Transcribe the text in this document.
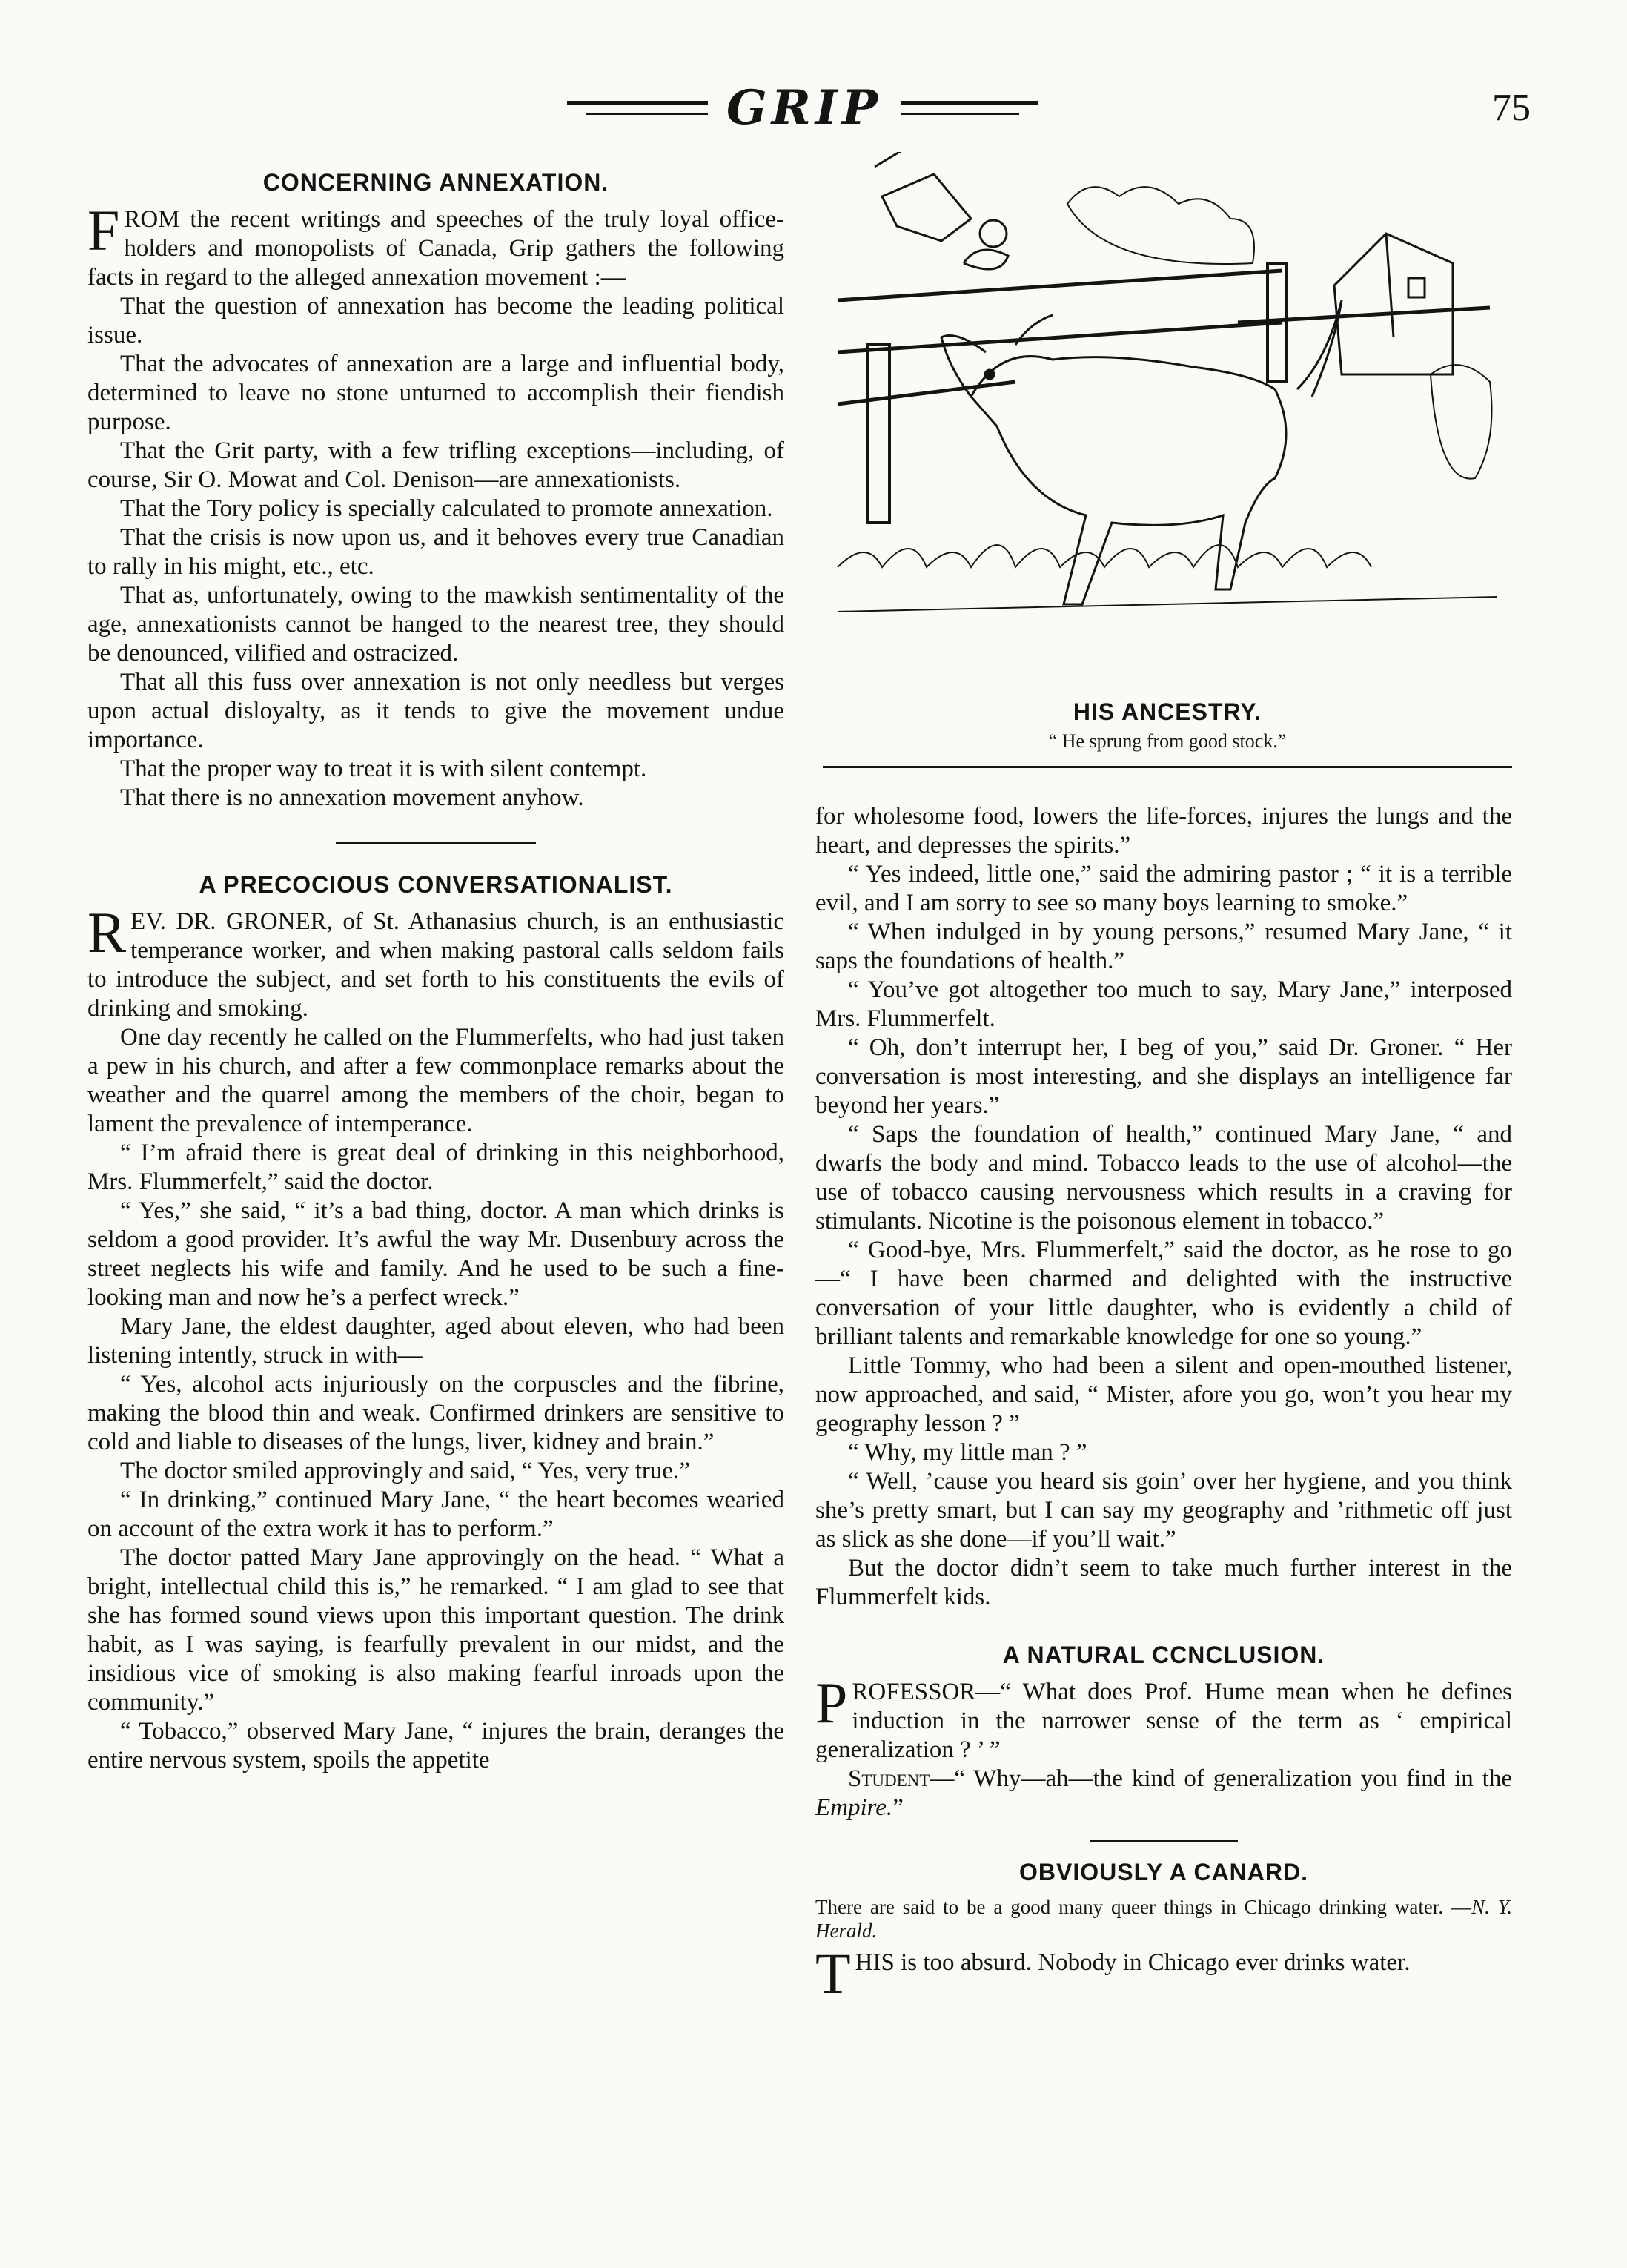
GRIP	75
CONCERNING ANNEXATION.

FROM the recent writings and speeches of the truly loyal office-holders and monopolists of Canada, Grip gathers the following facts in regard to the alleged annexation movement :—

That the question of annexation has become the leading political issue.

That the advocates of annexation are a large and influential body, determined to leave no stone unturned to accomplish their fiendish purpose.

That the Grit party, with a few trifling exceptions—including, of course, Sir O. Mowat and Col. Denison—are annexationists.

That the Tory policy is specially calculated to promote annexation.

That the crisis is now upon us, and it behoves every true Canadian to rally in his might, etc., etc.

That as, unfortunately, owing to the mawkish sentimentality of the age, annexationists cannot be hanged to the nearest tree, they should be denounced, vilified and ostracized.

That all this fuss over annexation is not only needless but verges upon actual disloyalty, as it tends to give the movement undue importance.

That the proper way to treat it is with silent contempt.

That there is no annexation movement anyhow.

A PRECOCIOUS CONVERSATIONALIST.

REV. DR. GRONER, of St. Athanasius church, is an enthusiastic temperance worker, and when making pastoral calls seldom fails to introduce the subject, and set forth to his constituents the evils of drinking and smoking.

One day recently he called on the Flummerfelts, who had just taken a pew in his church, and after a few commonplace remarks about the weather and the quarrel among the members of the choir, began to lament the prevalence of intemperance.

“ I’m afraid there is great deal of drinking in this neighborhood, Mrs. Flummerfelt,” said the doctor.

“ Yes,” she said, “ it’s a bad thing, doctor. A man which drinks is seldom a good provider. It’s awful the way Mr. Dusenbury across the street neglects his wife and family. And he used to be such a fine-looking man and now he’s a perfect wreck.”

Mary Jane, the eldest daughter, aged about eleven, who had been listening intently, struck in with—

“ Yes, alcohol acts injuriously on the corpuscles and the fibrine, making the blood thin and weak. Confirmed drinkers are sensitive to cold and liable to diseases of the lungs, liver, kidney and brain.”

The doctor smiled approvingly and said, “ Yes, very true.”

“ In drinking,” continued Mary Jane, “ the heart becomes wearied on account of the extra work it has to perform.”

The doctor patted Mary Jane approvingly on the head. “ What a bright, intellectual child this is,” he remarked. “ I am glad to see that she has formed sound views upon this important question. The drink habit, as I was saying, is fearfully prevalent in our midst, and the insidious vice of smoking is also making fearful inroads upon the community.”

“ Tobacco,” observed Mary Jane, “ injures the brain, deranges the entire nervous system, spoils the appetite

HIS ANCESTRY.
“ He sprung from good stock.”

for wholesome food, lowers the life-forces, injures the lungs and the heart, and depresses the spirits.”

“ Yes indeed, little one,” said the admiring pastor ; “ it is a terrible evil, and I am sorry to see so many boys learning to smoke.”

“ When indulged in by young persons,” resumed Mary Jane, “ it saps the foundations of health.”

“ You’ve got altogether too much to say, Mary Jane,” interposed Mrs. Flummerfelt.

“ Oh, don’t interrupt her, I beg of you,” said Dr. Groner. “ Her conversation is most interesting, and she displays an intelligence far beyond her years.”

“ Saps the foundation of health,” continued Mary Jane, “ and dwarfs the body and mind. Tobacco leads to the use of alcohol—the use of tobacco causing nervousness which results in a craving for stimulants. Nicotine is the poisonous element in tobacco.”

“ Good-bye, Mrs. Flummerfelt,” said the doctor, as he rose to go—“ I have been charmed and delighted with the instructive conversation of your little daughter, who is evidently a child of brilliant talents and remarkable knowledge for one so young.”

Little Tommy, who had been a silent and open-mouthed listener, now approached, and said, “ Mister, afore you go, won’t you hear my geography lesson ? ”

“ Why, my little man ? ”

“ Well, ’cause you heard sis goin’ over her hygiene, and you think she’s pretty smart, but I can say my geography and ’rithmetic off just as slick as she done—if you’ll wait.”

But the doctor didn’t seem to take much further interest in the Flummerfelt kids.

A NATURAL CCNCLUSION.

PROFESSOR—“ What does Prof. Hume mean when he defines induction in the narrower sense of the term as ‘ empirical generalization ? ’ ”

Student—“ Why—ah—the kind of generalization you find in the Empire.”

OBVIOUSLY A CANARD.

There are said to be a good many queer things in Chicago drinking water. —N. Y. Herald.

THIS is too absurd. Nobody in Chicago ever drinks water.
